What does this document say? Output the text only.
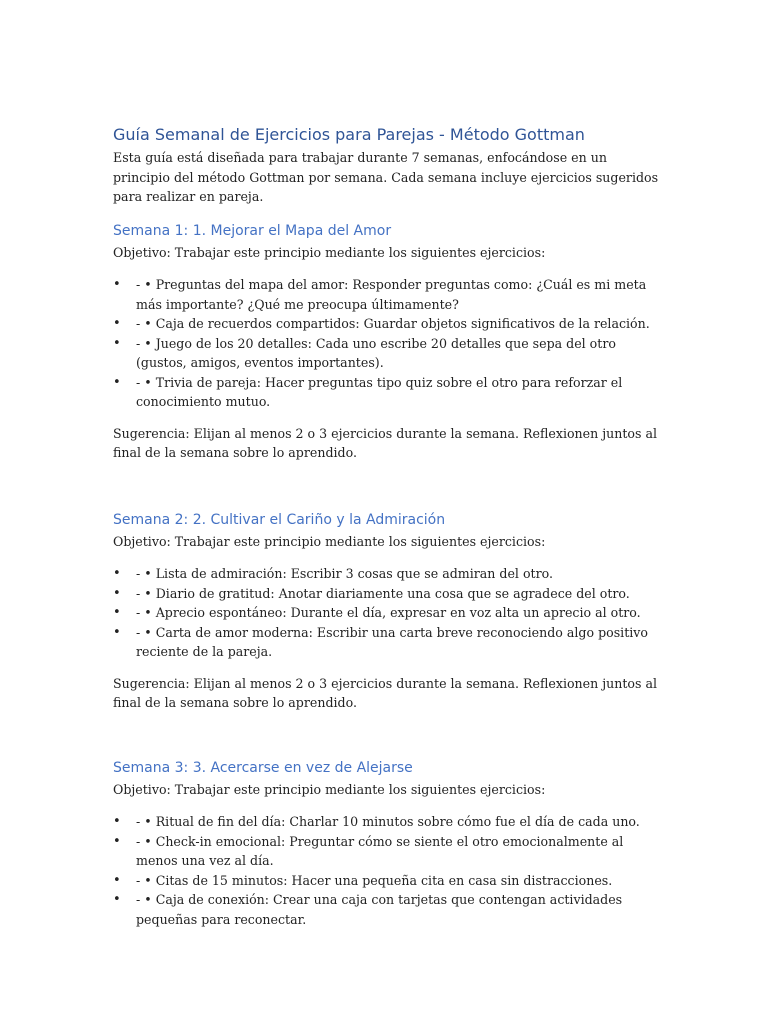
Guía Semanal de Ejercicios para Parejas - Método Gottman

Esta guía está diseñada para trabajar durante 7 semanas, enfocándose en un principio del método Gottman por semana. Cada semana incluye ejercicios sugeridos para realizar en pareja.

Semana 1: 1. Mejorar el Mapa del Amor

Objetivo: Trabajar este principio mediante los siguientes ejercicios:

• - • Preguntas del mapa del amor: Responder preguntas como: ¿Cuál es mi meta más importante? ¿Qué me preocupa últimamente?
• - • Caja de recuerdos compartidos: Guardar objetos significativos de la relación.
• - • Juego de los 20 detalles: Cada uno escribe 20 detalles que sepa del otro (gustos, amigos, eventos importantes).
• - • Trivia de pareja: Hacer preguntas tipo quiz sobre el otro para reforzar el conocimiento mutuo.

Sugerencia: Elijan al menos 2 o 3 ejercicios durante la semana. Reflexionen juntos al final de la semana sobre lo aprendido.

Semana 2: 2. Cultivar el Cariño y la Admiración

Objetivo: Trabajar este principio mediante los siguientes ejercicios:

• - • Lista de admiración: Escribir 3 cosas que se admiran del otro.
• - • Diario de gratitud: Anotar diariamente una cosa que se agradece del otro.
• - • Aprecio espontáneo: Durante el día, expresar en voz alta un aprecio al otro.
• - • Carta de amor moderna: Escribir una carta breve reconociendo algo positivo reciente de la pareja.

Sugerencia: Elijan al menos 2 o 3 ejercicios durante la semana. Reflexionen juntos al final de la semana sobre lo aprendido.

Semana 3: 3. Acercarse en vez de Alejarse

Objetivo: Trabajar este principio mediante los siguientes ejercicios:

• - • Ritual de fin del día: Charlar 10 minutos sobre cómo fue el día de cada uno.
• - • Check-in emocional: Preguntar cómo se siente el otro emocionalmente al menos una vez al día.
• - • Citas de 15 minutos: Hacer una pequeña cita en casa sin distracciones.
• - • Caja de conexión: Crear una caja con tarjetas que contengan actividades pequeñas para reconectar.
